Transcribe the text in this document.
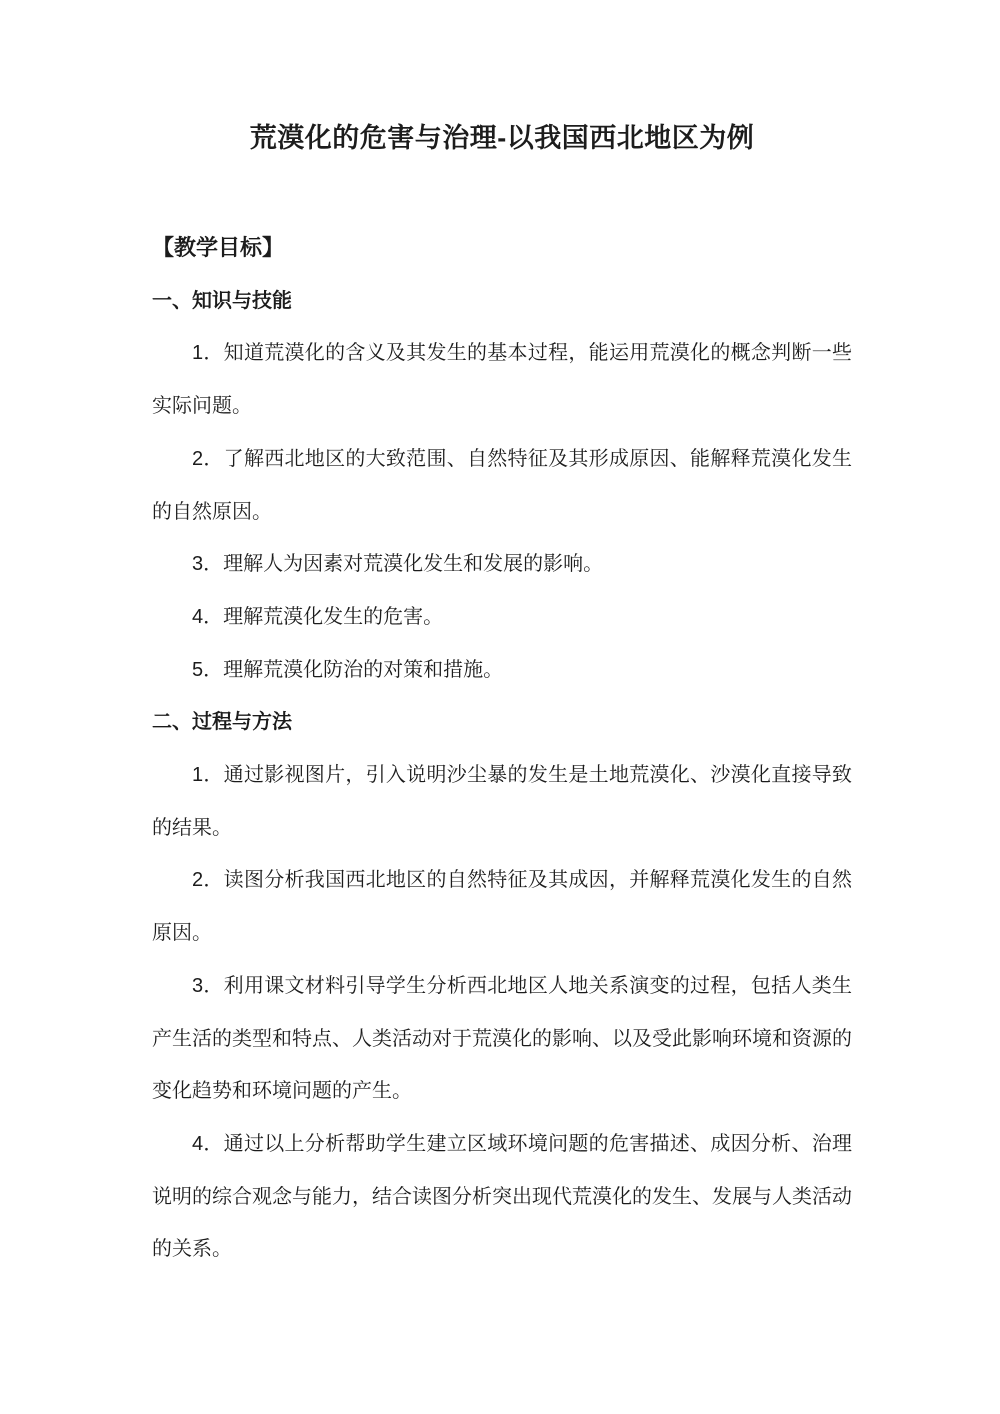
荒漠化的危害与治理-以我国西北地区为例
【教学目标】
一、知识与技能

1．知道荒漠化的含义及其发生的基本过程，能运用荒漠化的概念判断一些实际问题。

2．了解西北地区的大致范围、自然特征及其形成原因、能解释荒漠化发生的自然原因。

3．理解人为因素对荒漠化发生和发展的影响。

4．理解荒漠化发生的危害。

5．理解荒漠化防治的对策和措施。

二、过程与方法

1．通过影视图片，引入说明沙尘暴的发生是土地荒漠化、沙漠化直接导致的结果。

2．读图分析我国西北地区的自然特征及其成因，并解释荒漠化发生的自然原因。

3．利用课文材料引导学生分析西北地区人地关系演变的过程，包括人类生产生活的类型和特点、人类活动对于荒漠化的影响、以及受此影响环境和资源的变化趋势和环境问题的产生。

4．通过以上分析帮助学生建立区域环境问题的危害描述、成因分析、治理说明的综合观念与能力，结合读图分析突出现代荒漠化的发生、发展与人类活动的关系。
